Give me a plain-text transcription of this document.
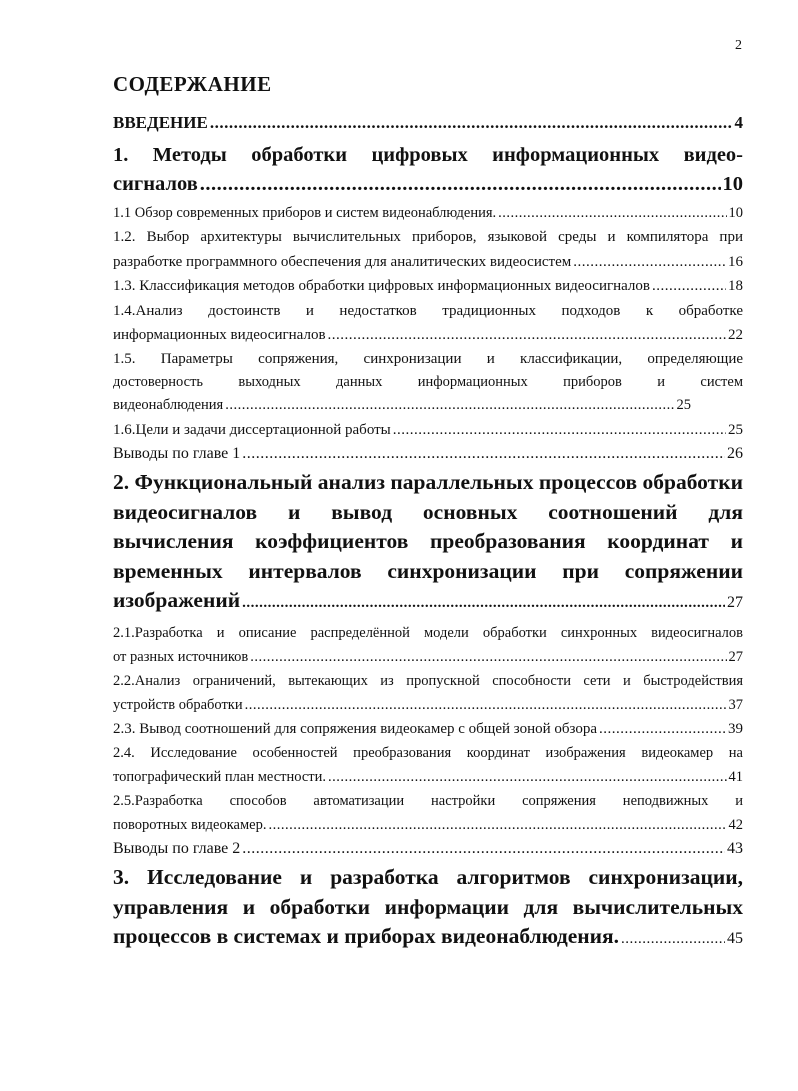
2
СОДЕРЖАНИЕ
ВВЕДЕНИЕ .....	4
1. Методы обработки цифровых информационных видео-
сигналов .....	10
1.1 Обзор современных приборов и систем видеонаблюдения. .....	10
1.2. Выбор архитектуры вычислительных приборов, языковой среды и компилятора при
разработке программного обеспечения для аналитических видеосистем .....	16
1.3. Классификация методов обработки цифровых информационных видеосигналов .....	18
1.4.Анализ достоинств и недостатков традиционных подходов к обработке
информационных видеосигналов .....	22
1.5. Параметры сопряжения, синхронизации и классификации, определяющие
достоверность выходных данных информационных приборов и систем
видеонаблюдения .....	25
1.6.Цели и задачи диссертационной работы .....	25
Выводы по главе 1 .....	26
2. Функциональный анализ параллельных процессов обработки
видеосигналов и вывод основных соотношений для
вычисления коэффициентов преобразования координат и
временных интервалов синхронизации при сопряжении
изображений .....	27
2.1.Разработка и описание распределённой модели обработки синхронных видеосигналов
от разных источников .....	27
2.2.Анализ ограничений, вытекающих из пропускной способности сети и быстродействия
устройств обработки .....	37
2.3. Вывод соотношений для сопряжения видеокамер с общей зоной обзора .....	39
2.4. Исследование особенностей преобразования координат изображения видеокамер на
топографический план местности. .....	41
2.5.Разработка способов автоматизации настройки сопряжения неподвижных и
поворотных видеокамер. .....	42
Выводы по главе 2 .....	43
3. Исследование и разработка алгоритмов синхронизации,
управления и обработки информации для вычислительных
процессов в системах и приборах видеонаблюдения. .....	45
